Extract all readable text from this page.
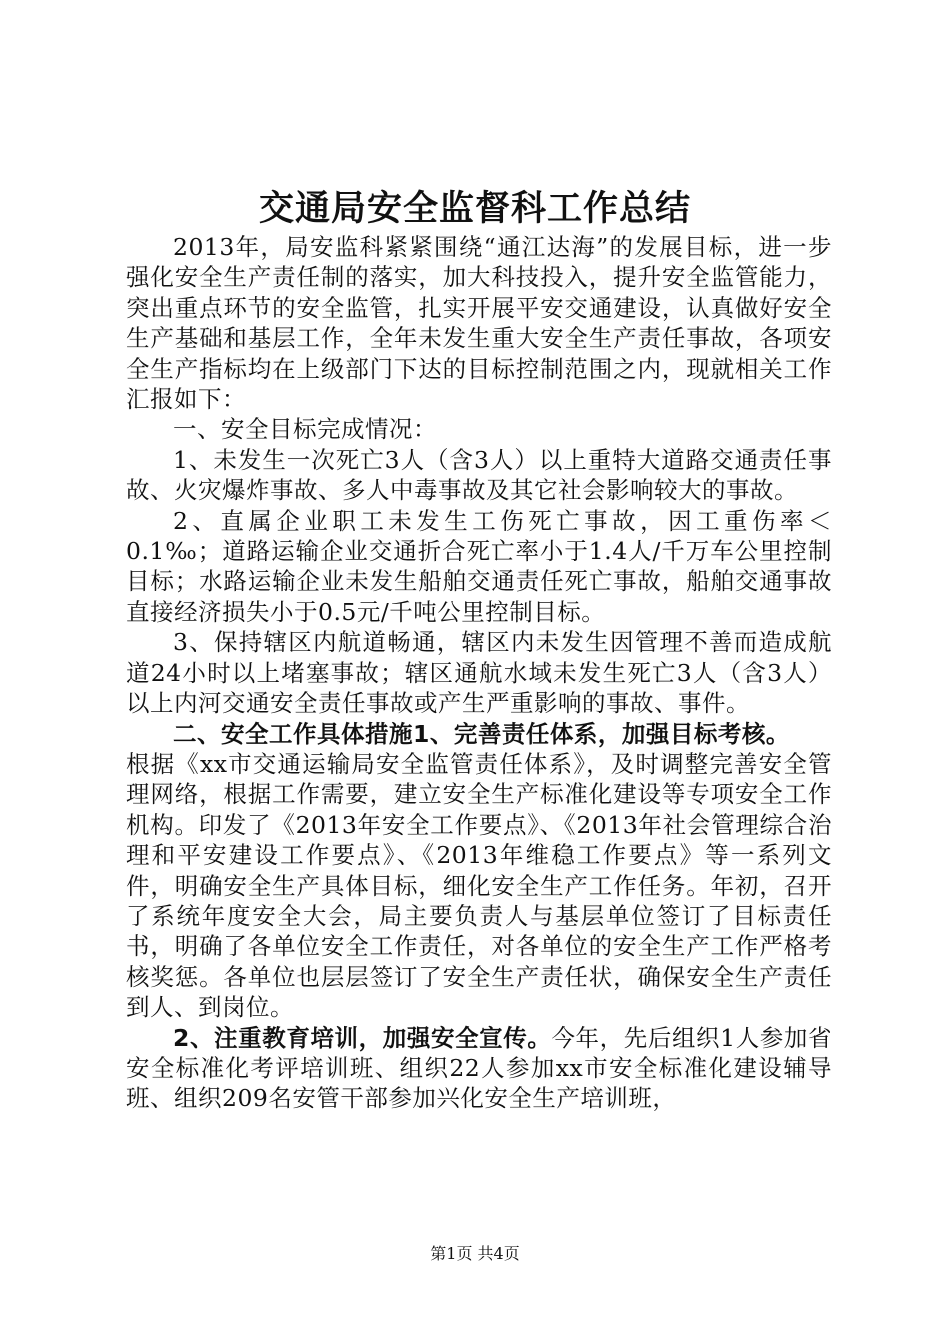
交通局安全监督科工作总结

2013年，局安监科紧紧围绕“通江达海”的发展目标，进一步强化安全生产责任制的落实，加大科技投入，提升安全监管能力，突出重点环节的安全监管，扎实开展平安交通建设，认真做好安全生产基础和基层工作，全年未发生重大安全生产责任事故，各项安全生产指标均在上级部门下达的目标控制范围之内，现就相关工作汇报如下：

一、安全目标完成情况：

1、未发生一次死亡3人（含3人）以上重特大道路交通责任事故、火灾爆炸事故、多人中毒事故及其它社会影响较大的事故。

2、直属企业职工未发生工伤死亡事故，因工重伤率＜0.1‰；道路运输企业交通折合死亡率小于1.4人/千万车公里控制目标；水路运输企业未发生船舶交通责任死亡事故，船舶交通事故直接经济损失小于0.5元/千吨公里控制目标。

3、保持辖区内航道畅通，辖区内未发生因管理不善而造成航道24小时以上堵塞事故；辖区通航水域未发生死亡3人（含3人）以上内河交通安全责任事故或产生严重影响的事故、事件。

二、安全工作具体措施1、完善责任体系，加强目标考核。

根据《xx市交通运输局安全监管责任体系》，及时调整完善安全管理网络，根据工作需要，建立安全生产标准化建设等专项安全工作机构。印发了《2013年安全工作要点》、《2013年社会管理综合治理和平安建设工作要点》、《2013年维稳工作要点》等一系列文件，明确安全生产具体目标，细化安全生产工作任务。年初，召开了系统年度安全大会，局主要负责人与基层单位签订了目标责任书，明确了各单位安全工作责任，对各单位的安全生产工作严格考核奖惩。各单位也层层签订了安全生产责任状，确保安全生产责任到人、到岗位。

2、注重教育培训，加强安全宣传。今年，先后组织1人参加省安全标准化考评培训班、组织22人参加xx市安全标准化建设辅导班、组织209名安管干部参加兴化安全生产培训班，

第1页 共4页
